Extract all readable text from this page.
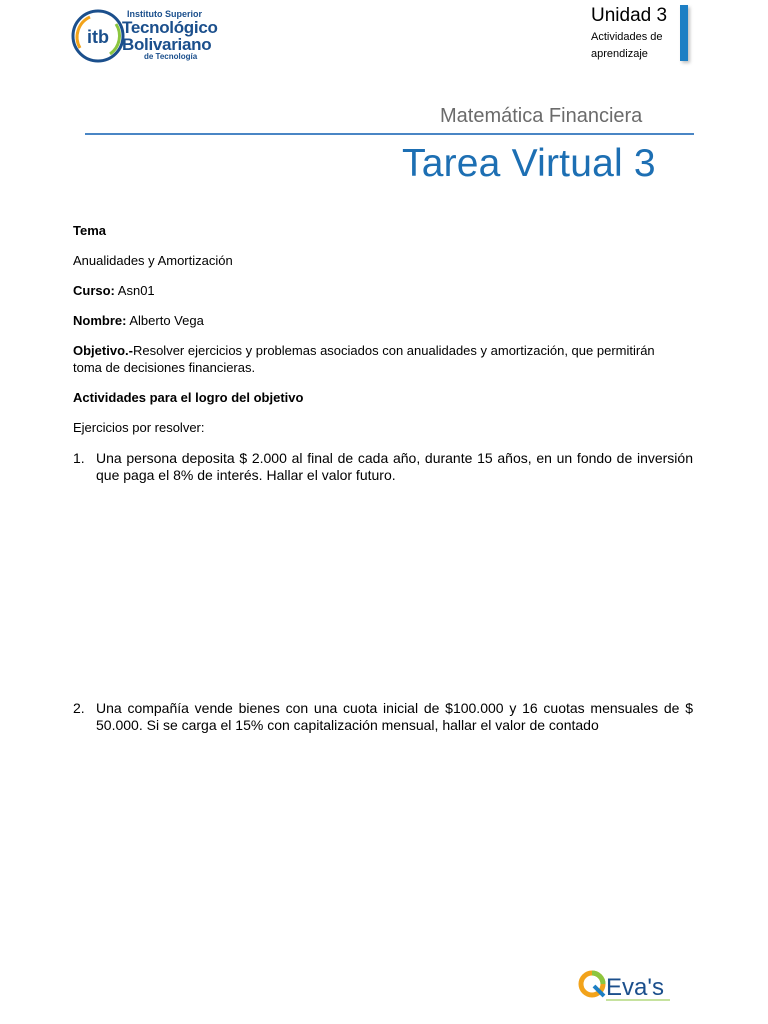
itb
Instituto Superior
Tecnológico
Bolivariano
de Tecnología
Unidad 3
Actividades de aprendizaje
Matemática Financiera
Tarea Virtual 3
Tema
Anualidades y Amortización
Curso: Asn01
Nombre: Alberto Vega
Objetivo.-Resolver ejercicios y problemas asociados con anualidades y amortización, que permitirán toma de decisiones financieras.
Actividades para el logro del objetivo
Ejercicios por resolver:
1. Una persona deposita $ 2.000 al final de cada año, durante 15 años, en un fondo de inversión que paga el 8% de interés. Hallar el valor futuro.
2. Una compañía vende bienes con una cuota inicial de $100.000 y 16 cuotas mensuales de $ 50.000. Si se carga el 15% con capitalización mensual, hallar el valor de contado
Eva's
